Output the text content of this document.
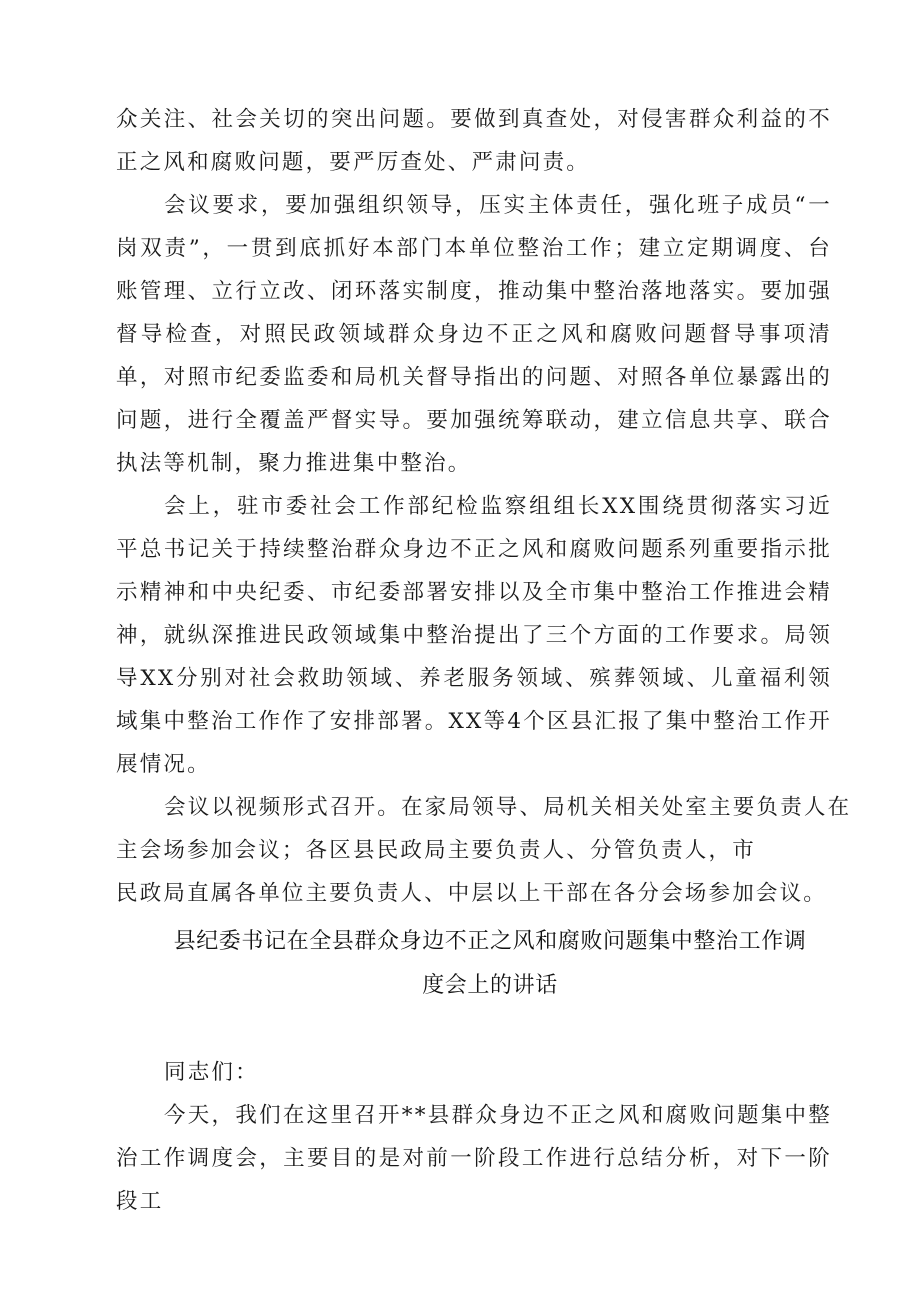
众关注、社会关切的突出问题。要做到真查处，对侵害群众利益的不正之风和腐败问题，要严厉查处、严肃问责。

会议要求，要加强组织领导，压实主体责任，强化班子成员“一岗双责”，一贯到底抓好本部门本单位整治工作；建立定期调度、台账管理、立行立改、闭环落实制度，推动集中整治落地落实。要加强督导检查，对照民政领域群众身边不正之风和腐败问题督导事项清单，对照市纪委监委和局机关督导指出的问题、对照各单位暴露出的问题，进行全覆盖严督实导。要加强统筹联动，建立信息共享、联合执法等机制，聚力推进集中整治。

会上，驻市委社会工作部纪检监察组组长XX围绕贯彻落实习近平总书记关于持续整治群众身边不正之风和腐败问题系列重要指示批示精神和中央纪委、市纪委部署安排以及全市集中整治工作推进会精神，就纵深推进民政领域集中整治提出了三个方面的工作要求。局领导XX分别对社会救助领域、养老服务领域、殡葬领域、儿童福利领域集中整治工作作了安排部署。XX等4个区县汇报了集中整治工作开展情况。

会议以视频形式召开。在家局领导、局机关相关处室主要负责人在
主会场参加会议；各区县民政局主要负责人、分管负责人，市
民政局直属各单位主要负责人、中层以上干部在各分会场参加会议。
县纪委书记在全县群众身边不正之风和腐败问题集中整治工作调
度会上的讲话

同志们：

今天，我们在这里召开**县群众身边不正之风和腐败问题集中整治工作调度会，主要目的是对前一阶段工作进行总结分析，对下一阶段工
